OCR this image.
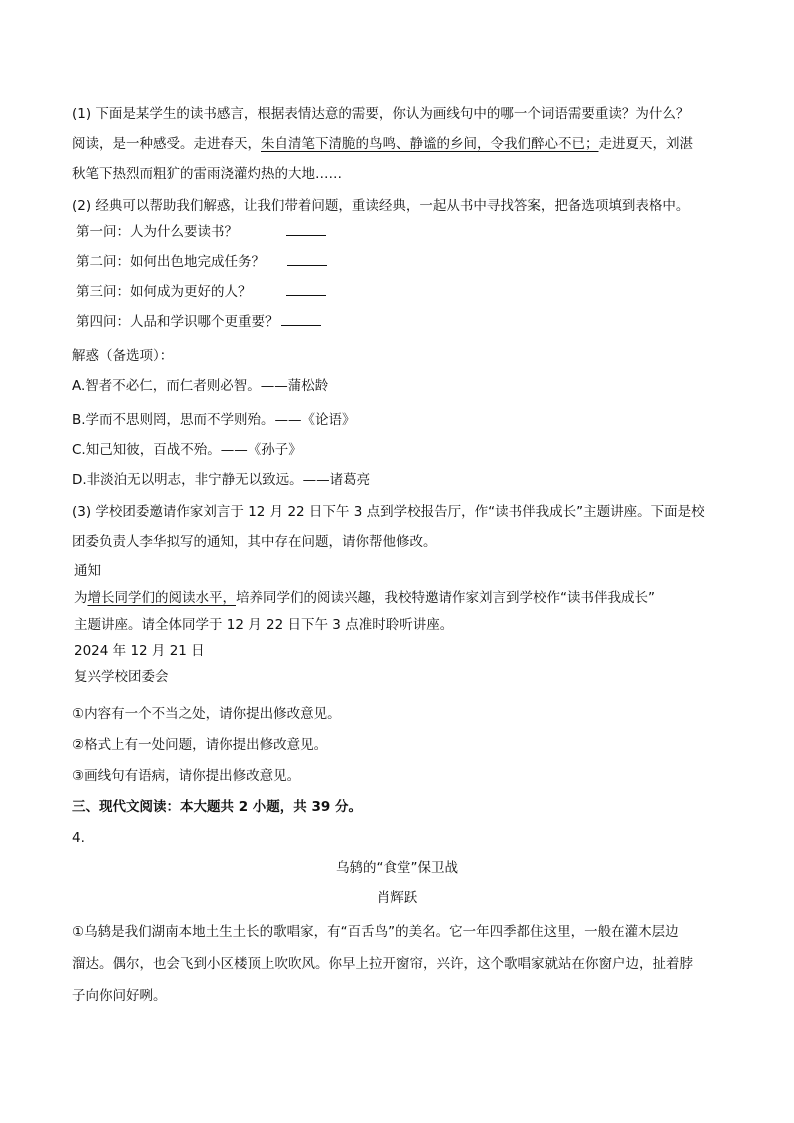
(1) 下面是某学生的读书感言，根据表情达意的需要，你认为画线句中的哪一个词语需要重读？为什么？
阅读，是一种感受。走进春天，朱自清笔下清脆的鸟鸣、静谧的乡间，令我们醉心不已；走进夏天，刘湛
秋笔下热烈而粗犷的雷雨浇灌灼热的大地……
(2) 经典可以帮助我们解惑，让我们带着问题，重读经典，一起从书中寻找答案，把备选项填到表格中。
第一问：人为什么要读书？
第二问：如何出色地完成任务？
第三问：如何成为更好的人？
第四问：人品和学识哪个更重要？
解惑（备选项）：
A.智者不必仁，而仁者则必智。——蒲松龄
B.学而不思则罔，思而不学则殆。——《论语》
C.知己知彼，百战不殆。——《孙子》
D.非淡泊无以明志，非宁静无以致远。——诸葛亮
(3) 学校团委邀请作家刘言于 12 月 22 日下午 3 点到学校报告厅，作“读书伴我成长”主题讲座。下面是校
团委负责人李华拟写的通知，其中存在问题，请你帮他修改。
通知
为增长同学们的阅读水平，培养同学们的阅读兴趣，我校特邀请作家刘言到学校作“读书伴我成长”
主题讲座。请全体同学于 12 月 22 日下午 3 点准时聆听讲座。
2024 年 12 月 21 日
复兴学校团委会
①内容有一个不当之处，请你提出修改意见。
②格式上有一处问题，请你提出修改意见。
③画线句有语病，请你提出修改意见。
三、现代文阅读：本大题共 2 小题，共 39 分。
4.
乌鸫的“食堂”保卫战
肖辉跃
①乌鸫是我们湖南本地土生土长的歌唱家，有“百舌鸟”的美名。它一年四季都住这里，一般在灌木层边
溜达。偶尔，也会飞到小区楼顶上吹吹风。你早上拉开窗帘，兴许，这个歌唱家就站在你窗户边，扯着脖
子向你问好咧。
